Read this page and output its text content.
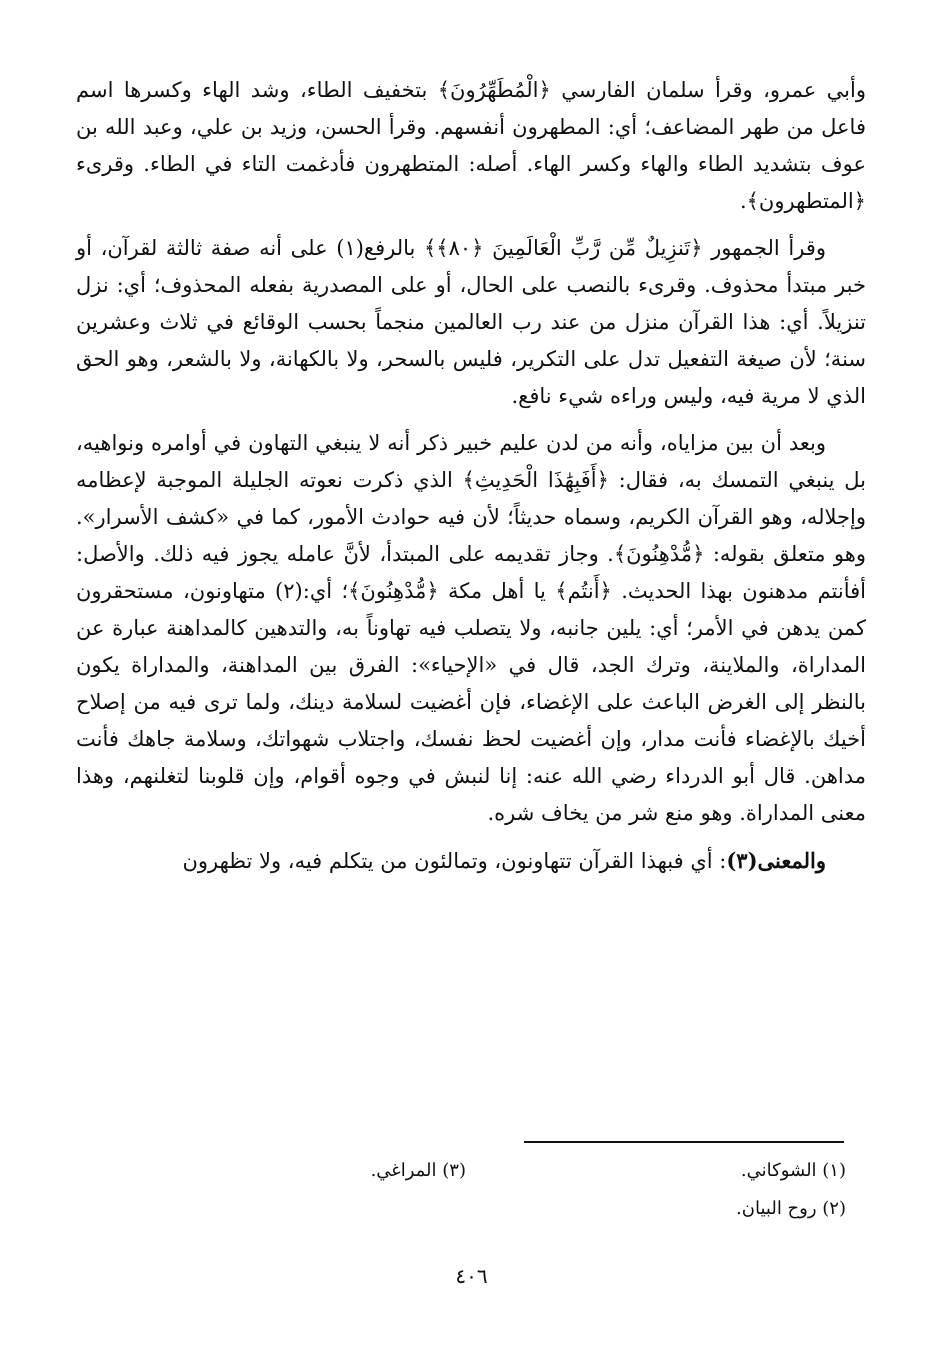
وأبي عمرو، وقرأ سلمان الفارسي ﴿الْمُطَهِّرُونَ﴾ بتخفيف الطاء، وشد الهاء وكسرها اسم فاعل من طهر المضاعف؛ أي: المطهرون أنفسهم. وقرأ الحسن، وزيد بن علي، وعبد الله بن عوف بتشديد الطاء والهاء وكسر الهاء. أصله: المتطهرون فأدغمت التاء في الطاء. وقرىء ﴿المتطهرون﴾.

وقرأ الجمهور ﴿تَنزِيلٌ مِّن رَّبِّ الْعَالَمِينَ ﴿٨٠﴾﴾ بالرفع(١) على أنه صفة ثالثة لقرآن، أو خبر مبتدأ محذوف. وقرىء بالنصب على الحال، أو على المصدرية بفعله المحذوف؛ أي: نزل تنزيلاً. أي: هذا القرآن منزل من عند رب العالمين منجماً بحسب الوقائع في ثلاث وعشرين سنة؛ لأن صيغة التفعيل تدل على التكرير، فليس بالسحر، ولا بالكهانة، ولا بالشعر، وهو الحق الذي لا مرية فيه، وليس وراءه شيء نافع.

وبعد أن بين مزاياه، وأنه من لدن عليم خبير ذكر أنه لا ينبغي التهاون في أوامره ونواهيه، بل ينبغي التمسك به، فقال: ﴿أَفَبِهَٰذَا الْحَدِيثِ﴾ الذي ذكرت نعوته الجليلة الموجبة لإعظامه وإجلاله، وهو القرآن الكريم، وسماه حديثاً؛ لأن فيه حوادث الأمور، كما في «كشف الأسرار». وهو متعلق بقوله: ﴿مُّدْهِنُونَ﴾. وجاز تقديمه على المبتدأ، لأنَّ عامله يجوز فيه ذلك. والأصل: أفأنتم مدهنون بهذا الحديث. ﴿أَنتُم﴾ يا أهل مكة ﴿مُّدْهِنُونَ﴾؛ أي:(٢) متهاونون، مستحقرون كمن يدهن في الأمر؛ أي: يلين جانبه، ولا يتصلب فيه تهاوناً به، والتدهين كالمداهنة عبارة عن المداراة، والملاينة، وترك الجد، قال في «الإحياء»: الفرق بين المداهنة، والمداراة يكون بالنظر إلى الغرض الباعث على الإغضاء، فإن أغضيت لسلامة دينك، ولما ترى فيه من إصلاح أخيك بالإغضاء فأنت مدار، وإن أغضيت لحظ نفسك، واجتلاب شهواتك، وسلامة جاهك فأنت مداهن. قال أبو الدرداء رضي الله عنه: إنا لنبش في وجوه أقوام، وإن قلوبنا لتغلنهم، وهذا معنى المداراة. وهو منع شر من يخاف شره.

والمعنى(٣): أي فبهذا القرآن تتهاونون، وتمالئون من يتكلم فيه، ولا تظهرون

(١) الشوكاني.
(٣) المراغي.
(٢) روح البيان.
٤٠٦
